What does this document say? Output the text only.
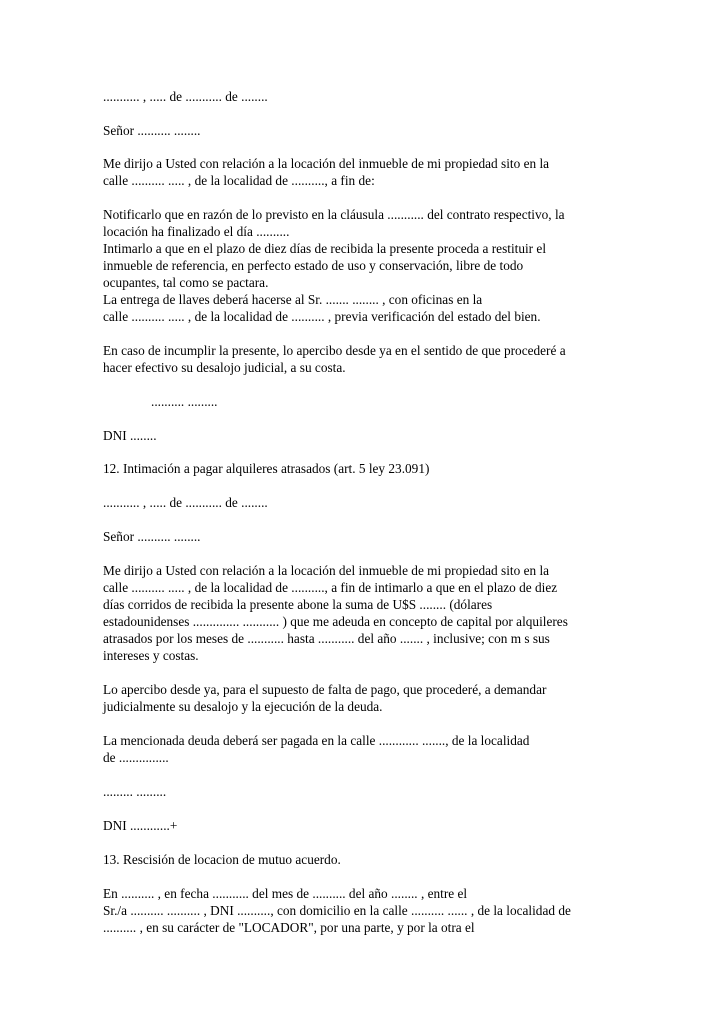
........... , ..... de ........... de ........
Señor .......... ........
Me dirijo a Usted con relación a la locación del inmueble de mi propiedad sito en la
calle .......... ..... , de la localidad de .........., a fin de:
Notificarlo que en razón de lo previsto en la cláusula ........... del contrato respectivo, la
locación ha finalizado el día ..........
Intimarlo a que en el plazo de diez días de recibida la presente proceda a restituir el
inmueble de referencia, en perfecto estado de uso y conservación, libre de todo
ocupantes, tal como se pactara.
La entrega de llaves deberá hacerse al Sr. ....... ........ , con oficinas en la
calle .......... ..... , de la localidad de .......... , previa verificación del estado del bien.
En caso de incumplir la presente, lo apercibo desde ya en el sentido de que procederé a
hacer efectivo su desalojo judicial, a su costa.
.......... .........
DNI ........
12. Intimación a pagar alquileres atrasados (art. 5 ley 23.091)
........... , ..... de ........... de ........
Señor .......... ........
Me dirijo a Usted con relación a la locación del inmueble de mi propiedad sito en la
calle .......... ..... , de la localidad de .........., a fin de intimarlo a que en el plazo de diez
días corridos de recibida la presente abone la suma de U$S ........ (dólares
estadounidenses .............. ........... ) que me adeuda en concepto de capital por alquileres
atrasados por los meses de ........... hasta ........... del año ....... , inclusive; con m s sus
intereses y costas.
Lo apercibo desde ya, para el supuesto de falta de pago, que procederé, a demandar
judicialmente su desalojo y la ejecución de la deuda.
La mencionada deuda deberá ser pagada en la calle ............ ......., de la localidad
de ...............
......... .........
DNI ............+
13. Rescisión de locacion de mutuo acuerdo.
En .......... , en fecha ........... del mes de .......... del año ........ , entre el
Sr./a .......... .......... , DNI .........., con domicilio en la calle .......... ...... , de la localidad de
.......... , en su carácter de "LOCADOR", por una parte, y por la otra el
